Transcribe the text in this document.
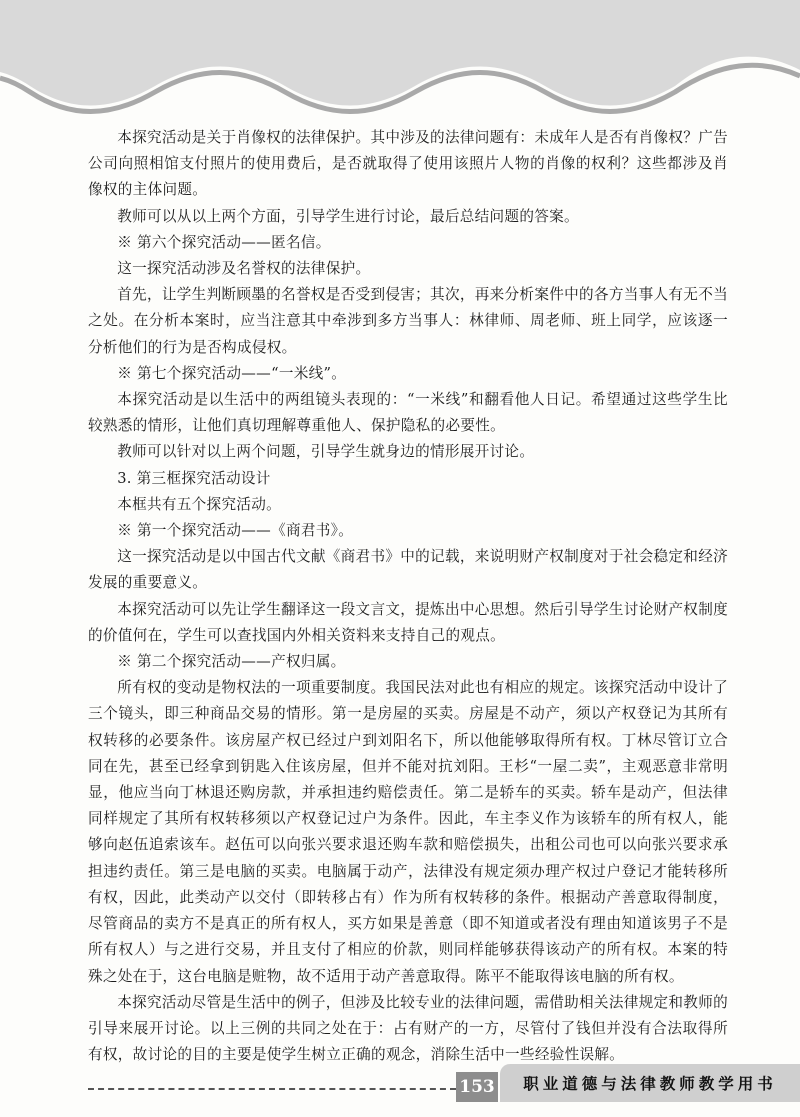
本探究活动是关于肖像权的法律保护。其中涉及的法律问题有：未成年人是否有肖像权？广告公司向照相馆支付照片的使用费后，是否就取得了使用该照片人物的肖像的权利？这些都涉及肖像权的主体问题。

教师可以从以上两个方面，引导学生进行讨论，最后总结问题的答案。

※ 第六个探究活动——匿名信。

这一探究活动涉及名誉权的法律保护。

首先，让学生判断顾墨的名誉权是否受到侵害；其次，再来分析案件中的各方当事人有无不当之处。在分析本案时，应当注意其中牵涉到多方当事人：林律师、周老师、班上同学，应该逐一分析他们的行为是否构成侵权。

※ 第七个探究活动——“一米线”。

本探究活动是以生活中的两组镜头表现的：“一米线”和翻看他人日记。希望通过这些学生比较熟悉的情形，让他们真切理解尊重他人、保护隐私的必要性。

教师可以针对以上两个问题，引导学生就身边的情形展开讨论。

3. 第三框探究活动设计

本框共有五个探究活动。

※ 第一个探究活动——《商君书》。

这一探究活动是以中国古代文献《商君书》中的记载，来说明财产权制度对于社会稳定和经济发展的重要意义。

本探究活动可以先让学生翻译这一段文言文，提炼出中心思想。然后引导学生讨论财产权制度的价值何在，学生可以查找国内外相关资料来支持自己的观点。

※ 第二个探究活动——产权归属。

所有权的变动是物权法的一项重要制度。我国民法对此也有相应的规定。该探究活动中设计了三个镜头，即三种商品交易的情形。第一是房屋的买卖。房屋是不动产，须以产权登记为其所有权转移的必要条件。该房屋产权已经过户到刘阳名下，所以他能够取得所有权。丁林尽管订立合同在先，甚至已经拿到钥匙入住该房屋，但并不能对抗刘阳。王杉“一屋二卖”，主观恶意非常明显，他应当向丁林退还购房款，并承担违约赔偿责任。第二是轿车的买卖。轿车是动产，但法律同样规定了其所有权转移须以产权登记过户为条件。因此，车主李义作为该轿车的所有权人，能够向赵伍追索该车。赵伍可以向张兴要求退还购车款和赔偿损失，出租公司也可以向张兴要求承担违约责任。第三是电脑的买卖。电脑属于动产，法律没有规定须办理产权过户登记才能转移所有权，因此，此类动产以交付（即转移占有）作为所有权转移的条件。根据动产善意取得制度，尽管商品的卖方不是真正的所有权人，买方如果是善意（即不知道或者没有理由知道该男子不是所有权人）与之进行交易，并且支付了相应的价款，则同样能够获得该动产的所有权。本案的特殊之处在于，这台电脑是赃物，故不适用于动产善意取得。陈平不能取得该电脑的所有权。

本探究活动尽管是生活中的例子，但涉及比较专业的法律问题，需借助相关法律规定和教师的引导来展开讨论。以上三例的共同之处在于：占有财产的一方，尽管付了钱但并没有合法取得所有权，故讨论的目的主要是使学生树立正确的观念，消除生活中一些经验性误解。

153	职业道德与法律教师教学用书
